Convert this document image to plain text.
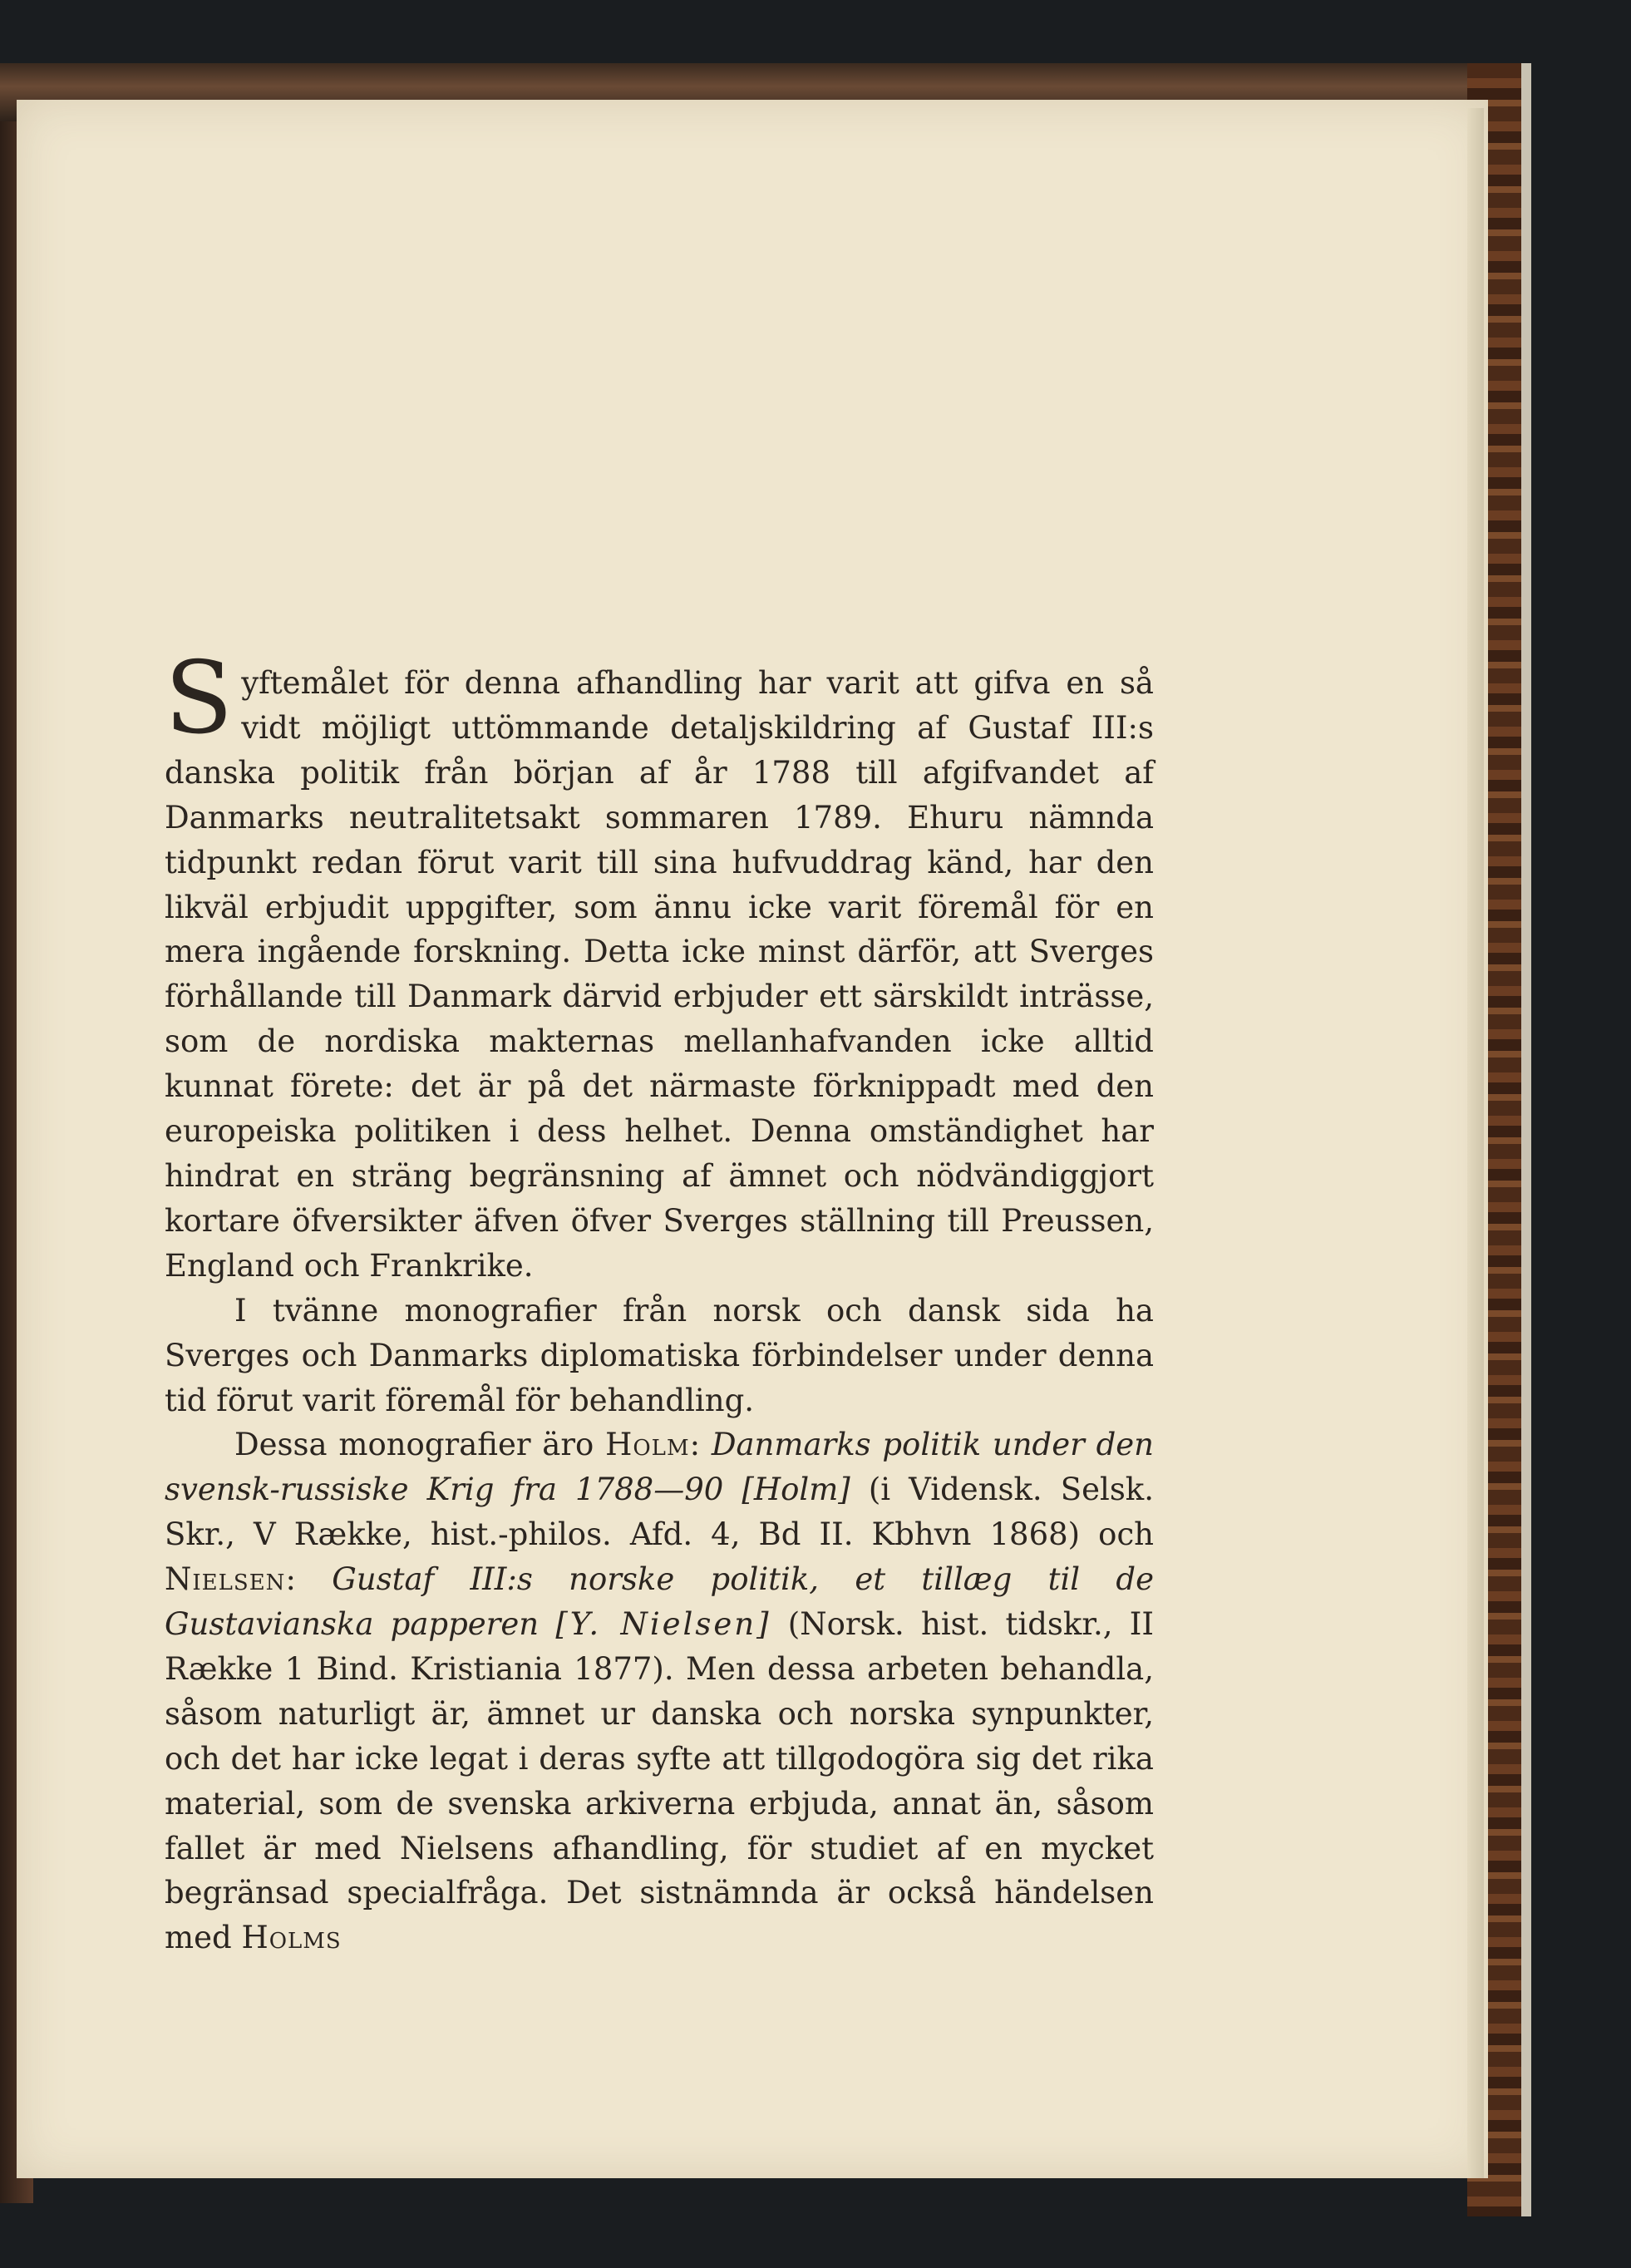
Syftemålet för denna afhandling har varit att gifva en så vidt möjligt uttömmande detaljskildring af Gustaf III:s danska politik från början af år 1788 till afgifvandet af Danmarks neutralitetsakt sommaren 1789. Ehuru nämnda tidpunkt redan förut varit till sina hufvuddrag känd, har den likväl erbjudit uppgifter, som ännu icke varit föremål för en mera ingående forskning. Detta icke minst därför, att Sverges förhållande till Danmark därvid erbjuder ett särskildt inträsse, som de nordiska makternas mellanhafvanden icke alltid kunnat förete: det är på det närmaste förknippadt med den europeiska politiken i dess helhet. Denna omständighet har hindrat en sträng begränsning af ämnet och nödvändiggjort kortare öfversikter äfven öfver Sverges ställning till Preussen, England och Frankrike.

I tvänne monografier från norsk och dansk sida ha Sverges och Danmarks diplomatiska förbindelser under denna tid förut varit föremål för behandling.

Dessa monografier äro Holm: Danmarks politik under den svensk-russiske Krig fra 1788—90 [Holm] (i Vidensk. Selsk. Skr., V Række, hist.-philos. Afd. 4, Bd II. Kbhvn 1868) och Nielsen: Gustaf III:s norske politik, et tillæg til de Gustavianska papperen [Y. Nielsen] (Norsk. hist. tidskr., II Række 1 Bind. Kristiania 1877). Men dessa arbeten behandla, såsom naturligt är, ämnet ur danska och norska synpunkter, och det har icke legat i deras syfte att tillgodogöra sig det rika material, som de svenska arkiverna erbjuda, annat än, såsom fallet är med Nielsens afhandling, för studiet af en mycket begränsad specialfråga. Det sistnämnda är också händelsen med Holms
